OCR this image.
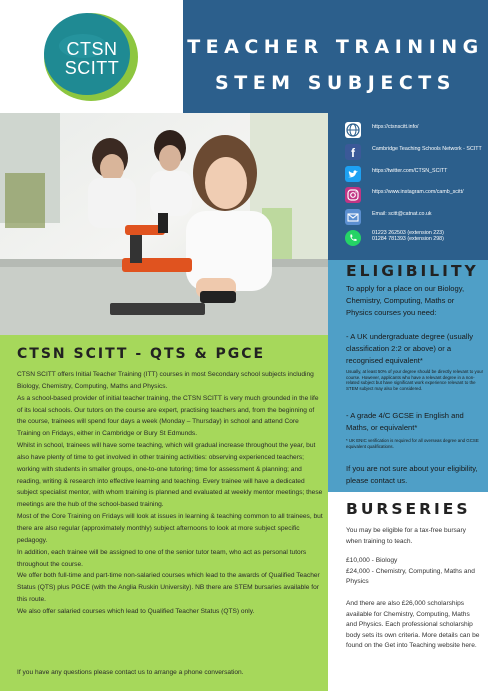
CTSN
SCITT
TEACHER TRAINING
STEM SUBJECTS
https://ctsnscitt.info/
f	Cambridge Teaching Schools Network - SCITT
https://twitter.com/CTSN_SCITT
https://www.instagram.com/camb_scitt/
Email: scitt@catnat.co.uk
01223 262503 (extension 223)
01284 781393 (extension 298)
ELIGIBILITY
To apply for a place on our Biology, Chemistry, Computing, Maths or Physics courses you need:
- A UK undergraduate degree (usually classification 2:2 or above) or a recognised equivalent*
Usually, at least 50% of your degree should be directly relevant to your course. However, applicants who have a relevant degree in a non-related subject but have significant work experience relevant to the STEM subject may also be considered.
- A grade 4/C GCSE in English and Maths, or equivalent*
* UK ENIC verification is required for all overseas degree and GCSE equivalent qualifications.
If you are not sure about your eligibility, please contact us.
BURSERIES
You may be eligible for a tax-free bursary when training to teach.
£10,000 - Biology
£24,000 - Chemistry, Computing, Maths and Physics
And there are also £26,000 scholarships available for Chemistry, Computing, Maths and Physics. Each professional scholarship body sets its own criteria. More details can be found on the Get into Teaching website here.
CTSN SCITT - QTS & PGCE

CTSN SCITT offers Initial Teacher Training (ITT) courses in most Secondary school subjects including Biology, Chemistry, Computing, Maths and Physics.

As a school-based provider of initial teacher training, the CTSN SCITT is very much grounded in the life of its local schools. Our tutors on the course are expert, practising teachers and, from the beginning of the course, trainees will spend four days a week (Monday – Thursday) in school and attend Core Training on Fridays, either in Cambridge or Bury St Edmunds.

Whilst in school, trainees will have some teaching, which will gradual increase throughout the year, but also have plenty of time to get involved in other training activities: observing experienced teachers; working with students in smaller groups, one-to-one tutoring; time for assessment & planning; and reading, writing & research into effective learning and teaching. Every trainee will have a dedicated subject specialist mentor, with whom training is planned and evaluated at weekly mentor meetings; these meetings are the hub of the school-based training.

Most of the Core Training on Fridays will look at issues in learning & teaching common to all trainees, but there are also regular (approximately monthly) subject afternoons to look at more subject specific pedagogy.

In addition, each trainee will be assigned to one of the senior tutor team, who act as personal tutors throughout the course.

We offer both full-time and part-time non-salaried courses which lead to the awards of Qualified Teacher Status (QTS) plus PGCE (with the Anglia Ruskin University). NB there are STEM bursaries available for this route.

We also offer salaried courses which lead to Qualified Teacher Status (QTS) only.

If you have any questions please contact us to arrange a phone conversation.
